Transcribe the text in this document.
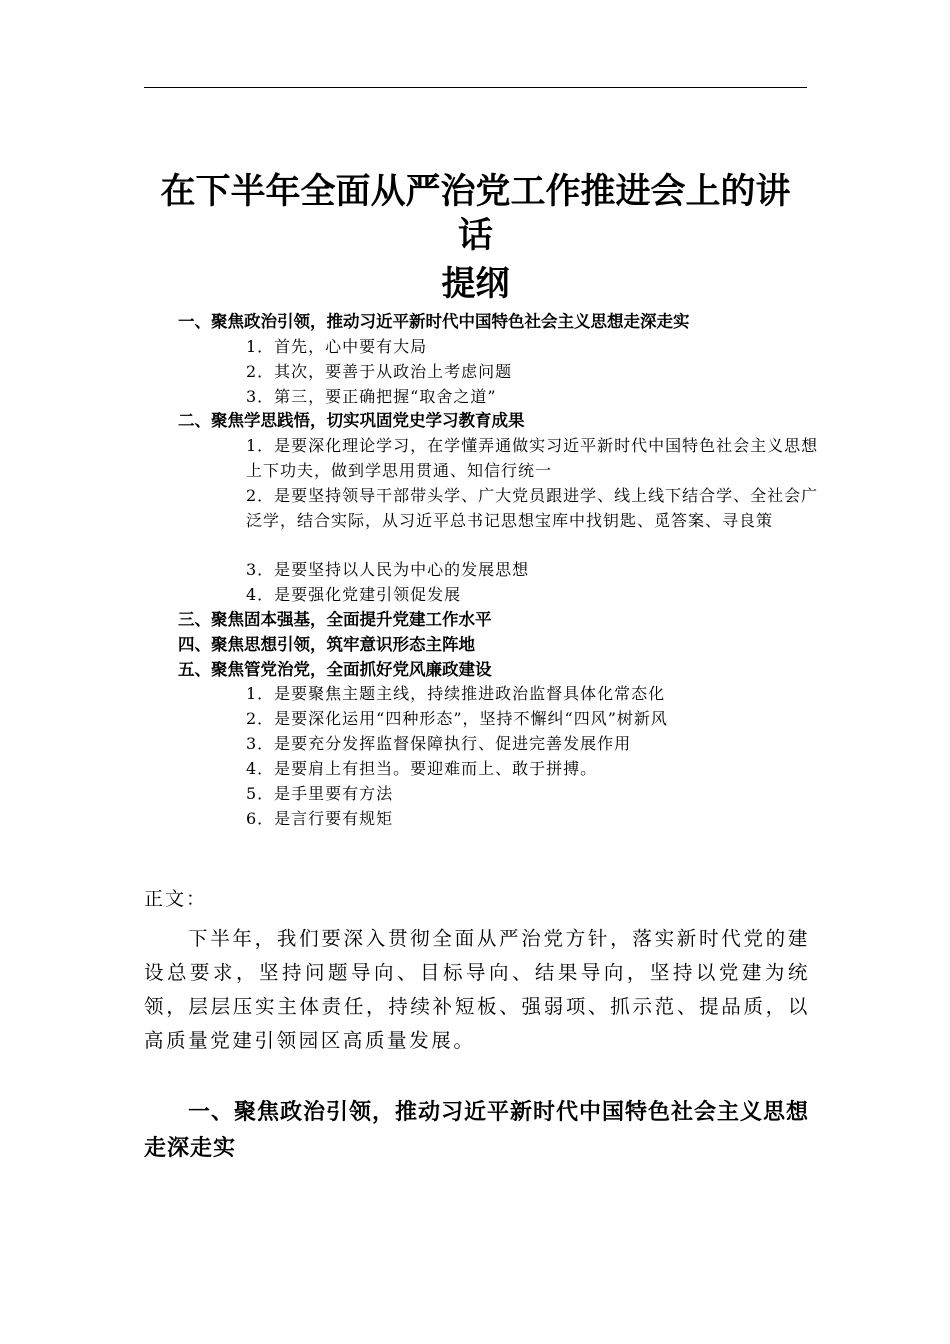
在下半年全面从严治党工作推进会上的讲
话
提纲
一、聚焦政治引领，推动习近平新时代中国特色社会主义思想走深走实
1．首先，心中要有大局
2．其次，要善于从政治上考虑问题
3．第三，要正确把握“取舍之道”
二、聚焦学思践悟，切实巩固党史学习教育成果
1．是要深化理论学习，在学懂弄通做实习近平新时代中国特色社会主义思想上下功夫，做到学思用贯通、知信行统一
2．是要坚持领导干部带头学、广大党员跟进学、线上线下结合学、全社会广泛学，结合实际，从习近平总书记思想宝库中找钥匙、觅答案、寻良策
3．是要坚持以人民为中心的发展思想
4．是要强化党建引领促发展
三、聚焦固本强基，全面提升党建工作水平
四、聚焦思想引领，筑牢意识形态主阵地
五、聚焦管党治党，全面抓好党风廉政建设
1．是要聚焦主题主线，持续推进政治监督具体化常态化
2．是要深化运用“四种形态”，坚持不懈纠“四风”树新风
3．是要充分发挥监督保障执行、促进完善发展作用
4．是要肩上有担当。要迎难而上、敢于拼搏。
5．是手里要有方法
6．是言行要有规矩
正文：

下半年，我们要深入贯彻全面从严治党方针，落实新时代党的建设总要求，坚持问题导向、目标导向、结果导向，坚持以党建为统领，层层压实主体责任，持续补短板、强弱项、抓示范、提品质，以高质量党建引领园区高质量发展。

一、聚焦政治引领，推动习近平新时代中国特色社会主义思想走深走实
